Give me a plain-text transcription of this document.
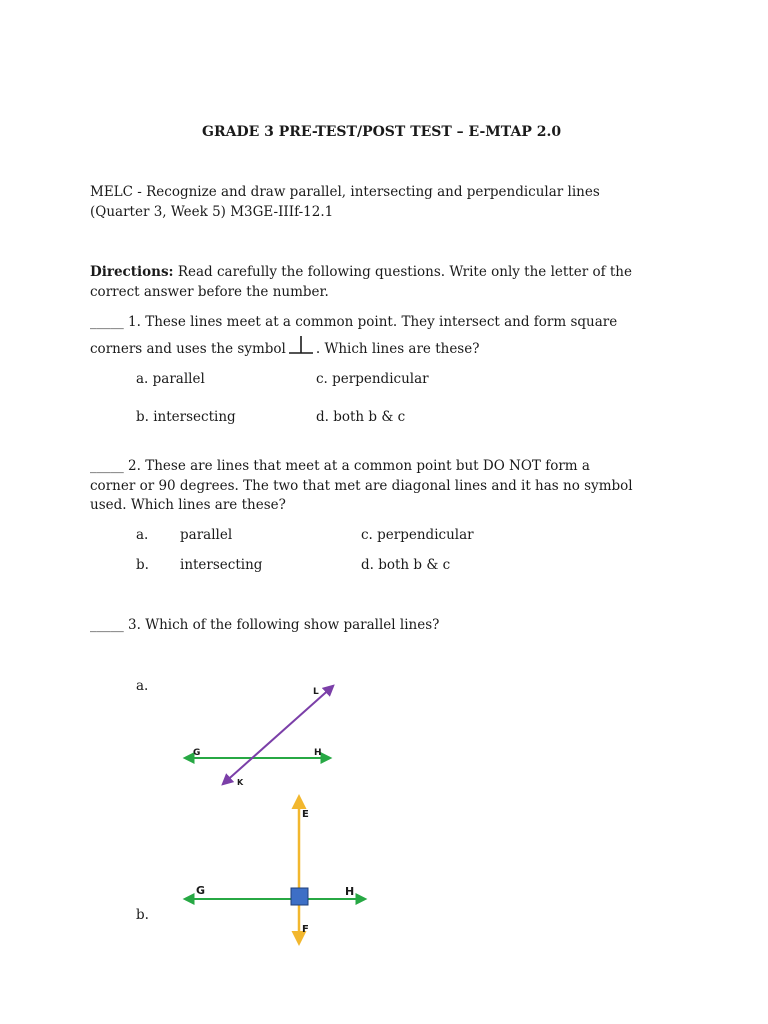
GRADE 3 PRE-TEST/POST TEST – E-MTAP 2.0
MELC - Recognize and draw parallel, intersecting and perpendicular lines
(Quarter 3, Week 5) M3GE-IIIf-12.1
Directions: Read carefully the following questions. Write only the letter of the
correct answer before the number.
_____ 1. These lines meet at a common point. They intersect and form square
corners and uses the symbol . Which lines are these?
a. parallel	c. perpendicular
b. intersecting	d. both b & c
_____ 2. These are lines that meet at a common point but DO NOT form a
corner or 90 degrees. The two that met are diagonal lines and it has no symbol
used. Which lines are these?
a. parallel	c. perpendicular
b. intersecting	d. both b & c
_____ 3. Which of the following show parallel lines?
a.
b.
L
G	H
K
E
G	H
F
